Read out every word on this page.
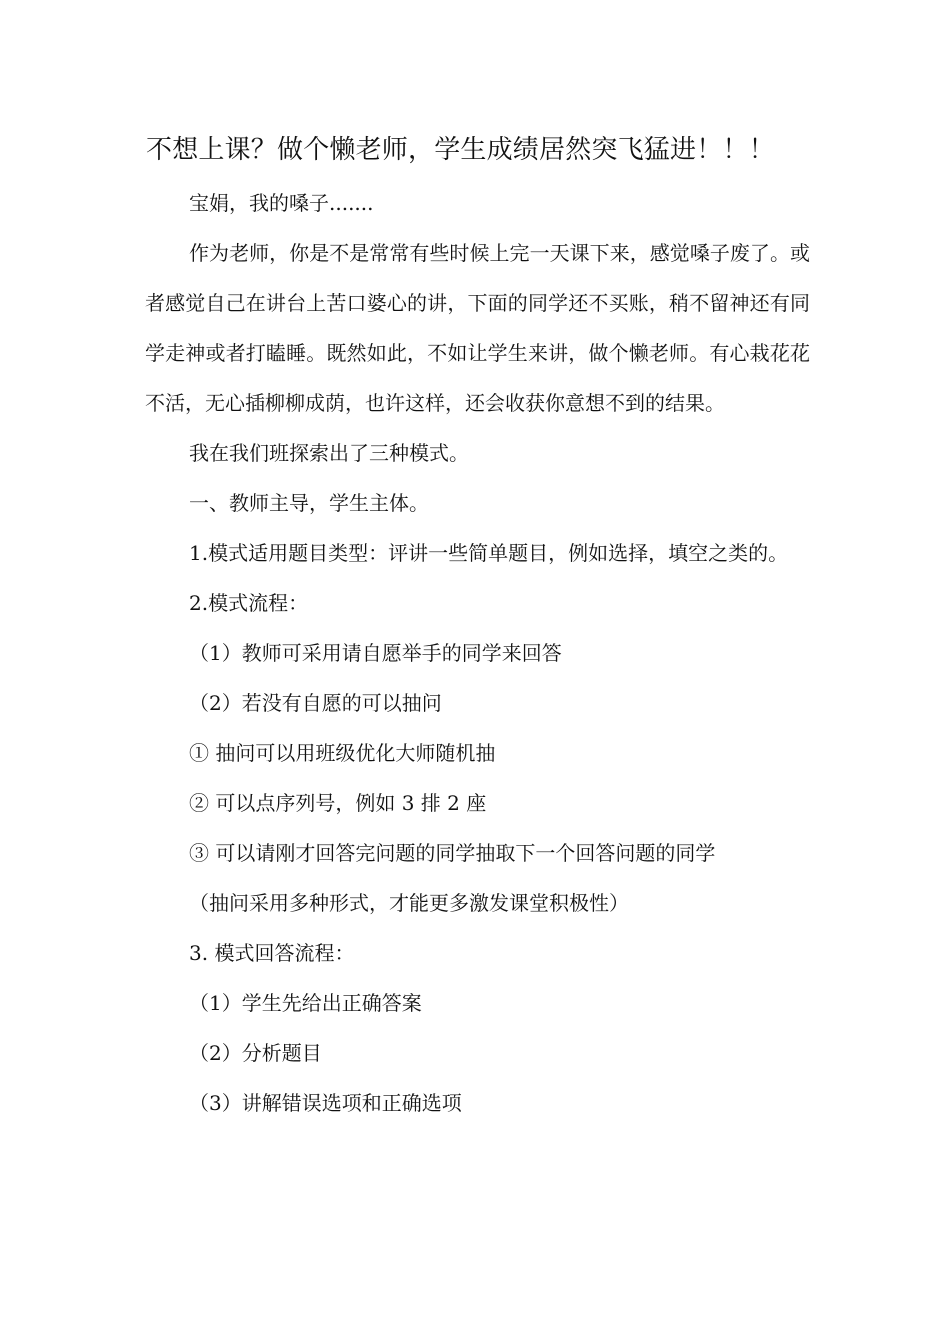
不想上课？做个懒老师，学生成绩居然突飞猛进！！！

宝娟，我的嗓子.......

作为老师，你是不是常常有些时候上完一天课下来，感觉嗓子废了。或者感觉自己在讲台上苦口婆心的讲，下面的同学还不买账，稍不留神还有同学走神或者打瞌睡。既然如此，不如让学生来讲，做个懒老师。有心栽花花不活，无心插柳柳成荫，也许这样，还会收获你意想不到的结果。

我在我们班探索出了三种模式。

一、教师主导，学生主体。

1.模式适用题目类型：评讲一些简单题目，例如选择，填空之类的。

2.模式流程：

（1）教师可采用请自愿举手的同学来回答

（2）若没有自愿的可以抽问

① 抽问可以用班级优化大师随机抽

② 可以点序列号，例如 3 排 2 座

③ 可以请刚才回答完问题的同学抽取下一个回答问题的同学

（抽问采用多种形式，才能更多激发课堂积极性）

3. 模式回答流程：

（1）学生先给出正确答案

（2）分析题目

（3）讲解错误选项和正确选项
